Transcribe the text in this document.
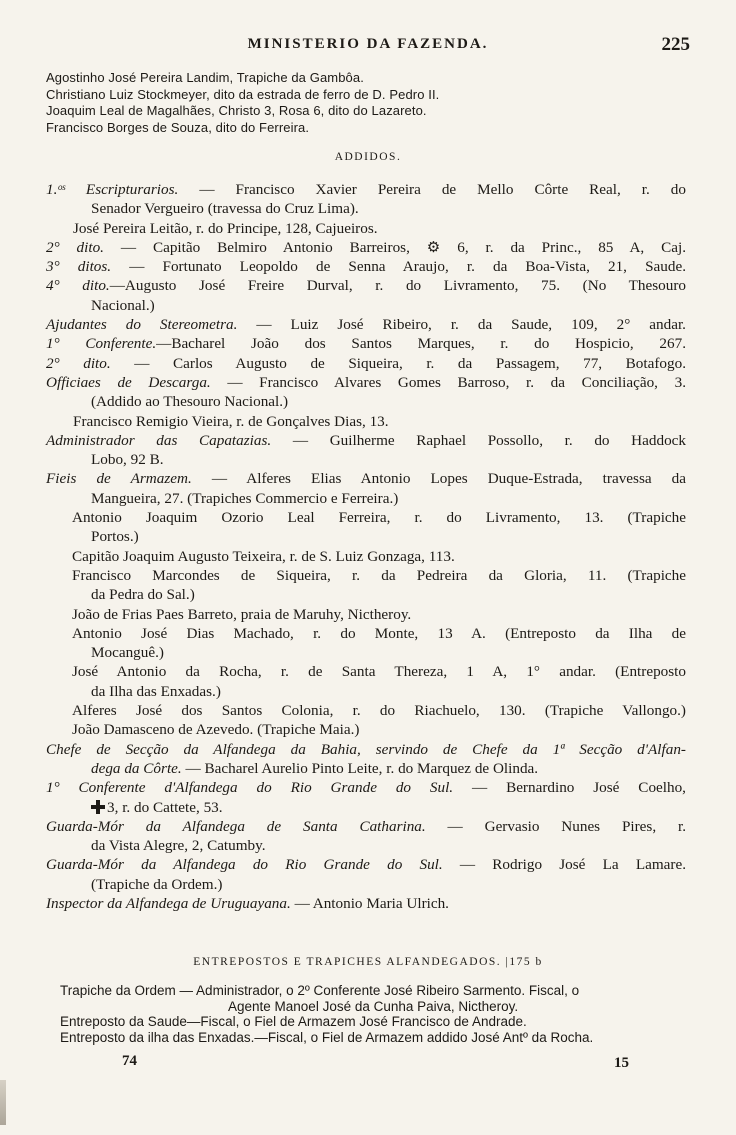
MINISTERIO DA FAZENDA.	225
Agostinho José Pereira Landim, Trapiche da Gambôa.
Christiano Luiz Stockmeyer, dito da estrada de ferro de D. Pedro II.
Joaquim Leal de Magalhães, Christo 3, Rosa 6, dito do Lazareto.
Francisco Borges de Souza, dito do Ferreira.
ADDIDOS.
1.ᵒˢ Escripturarios. — Francisco Xavier Pereira de Mello Côrte Real, r. do
Senador Vergueiro (travessa do Cruz Lima).
José Pereira Leitão, r. do Principe, 128, Cajueiros.
2° dito. — Capitão Belmiro Antonio Barreiros, ⚙ 6, r. da Princ., 85 A, Caj.
3° ditos. — Fortunato Leopoldo de Senna Araujo, r. da Boa-Vista, 21, Saude.
4° dito.—Augusto José Freire Durval, r. do Livramento, 75. (No Thesouro
Nacional.)
Ajudantes do Stereometra. — Luiz José Ribeiro, r. da Saude, 109, 2° andar.
1° Conferente.—Bacharel João dos Santos Marques, r. do Hospicio, 267.
2° dito. — Carlos Augusto de Siqueira, r. da Passagem, 77, Botafogo.
Officiaes de Descarga. — Francisco Alvares Gomes Barroso, r. da Conciliação, 3.
(Addido ao Thesouro Nacional.)
Francisco Remigio Vieira, r. de Gonçalves Dias, 13.
Administrador das Capatazias. — Guilherme Raphael Possollo, r. do Haddock
Lobo, 92 B.
Fieis de Armazem. — Alferes Elias Antonio Lopes Duque-Estrada, travessa da
Mangueira, 27. (Trapiches Commercio e Ferreira.)
Antonio Joaquim Ozorio Leal Ferreira, r. do Livramento, 13. (Trapiche
Portos.)
Capitão Joaquim Augusto Teixeira, r. de S. Luiz Gonzaga, 113.
Francisco Marcondes de Siqueira, r. da Pedreira da Gloria, 11. (Trapiche
da Pedra do Sal.)
João de Frias Paes Barreto, praia de Maruhy, Nictheroy.
Antonio José Dias Machado, r. do Monte, 13 A. (Entreposto da Ilha de
Mocanguê.)
José Antonio da Rocha, r. de Santa Thereza, 1 A, 1° andar. (Entreposto
da Ilha das Enxadas.)
Alferes José dos Santos Colonia, r. do Riachuelo, 130. (Trapiche Vallongo.)
João Damasceno de Azevedo. (Trapiche Maia.)
Chefe de Secção da Alfandega da Bahia, servindo de Chefe da 1ª Secção d'Alfan-
dega da Côrte. — Bacharel Aurelio Pinto Leite, r. do Marquez de Olinda.
1° Conferente d'Alfandega do Rio Grande do Sul. — Bernardino José Coelho,
3, r. do Cattete, 53.
Guarda-Mór da Alfandega de Santa Catharina. — Gervasio Nunes Pires, r.
da Vista Alegre, 2, Catumby.
Guarda-Mór da Alfandega do Rio Grande do Sul. — Rodrigo José La Lamare.
(Trapiche da Ordem.)
Inspector da Alfandega de Uruguayana. — Antonio Maria Ulrich.
ENTREPOSTOS E TRAPICHES ALFANDEGADOS. |175 b
Trapiche da Ordem — Administrador, o 2º Conferente José Ribeiro Sarmento. Fiscal, o
Agente Manoel José da Cunha Paiva, Nictheroy.
Entreposto da Saude—Fiscal, o Fiel de Armazem José Francisco de Andrade.
Entreposto da ilha das Enxadas.—Fiscal, o Fiel de Armazem addido José Antº da Rocha.
74	15
